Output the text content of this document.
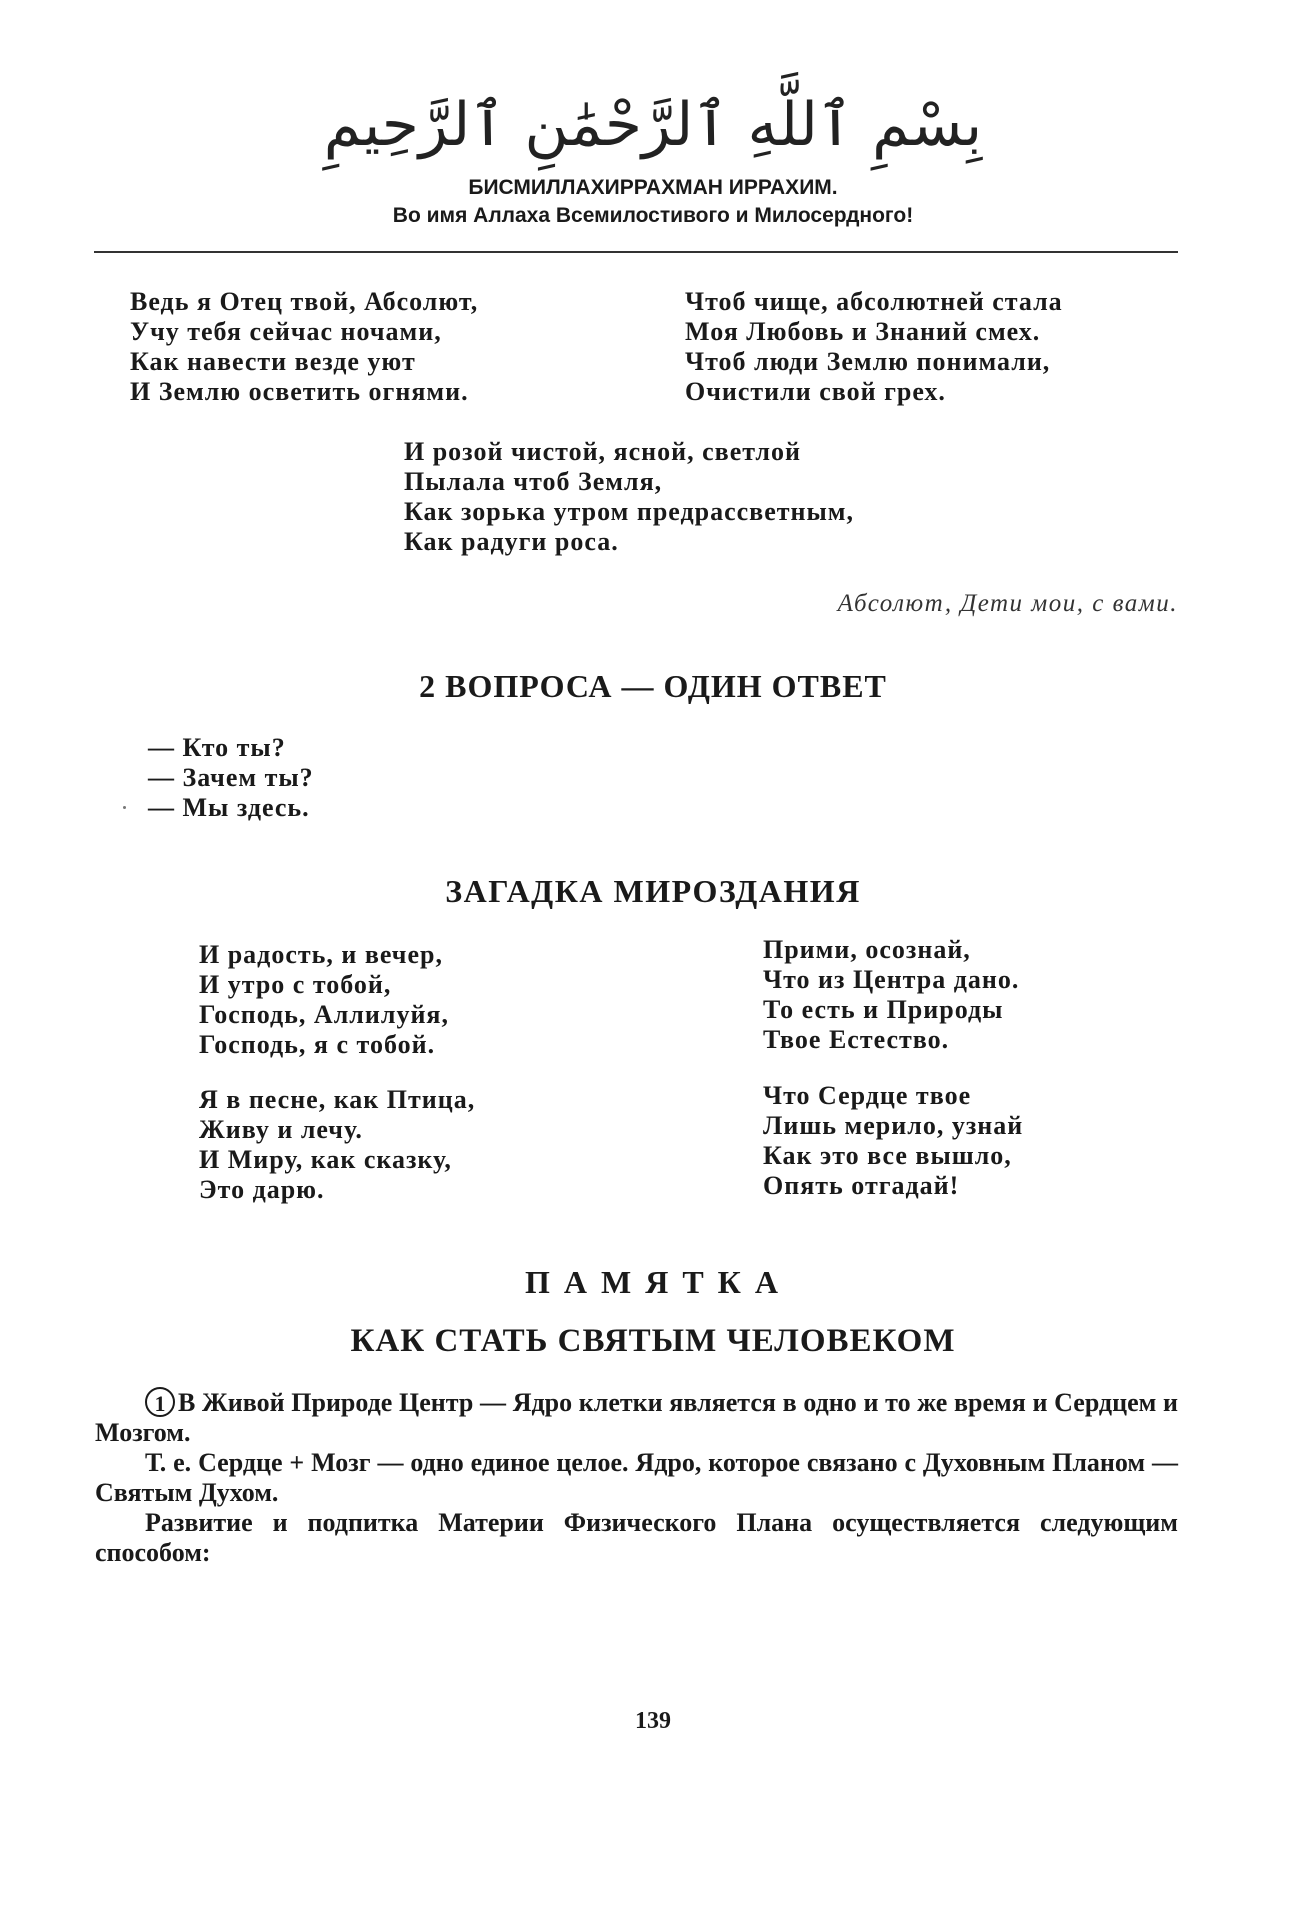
بِسْمِ ٱللَّهِ ٱلرَّحْمَٰنِ ٱلرَّحِيمِ
БИСМИЛЛАХИРРАХМАН ИРРАХИМ.
Во имя Аллаха Всемилостивого и Милосердного!
Ведь я Отец твой, Абсолют,
Учу тебя сейчас ночами,
Как навести везде уют
И Землю осветить огнями.
Чтоб чище, абсолютней стала
Моя Любовь и Знаний смех.
Чтоб люди Землю понимали,
Очистили свой грех.
И розой чистой, ясной, светлой
Пылала чтоб Земля,
Как зорька утром предрассветным,
Как радуги роса.
Абсолют, Дети мои, с вами.
2 ВОПРОСА — ОДИН ОТВЕТ
— Кто ты?
— Зачем ты?
— Мы здесь.
ЗАГАДКА МИРОЗДАНИЯ
И радость, и вечер,
И утро с тобой,
Господь, Аллилуйя,
Господь, я с тобой.
Прими, осознай,
Что из Центра дано.
То есть и Природы
Твое Естество.
Я в песне, как Птица,
Живу и лечу.
И Миру, как сказку,
Это дарю.
Что Сердце твое
Лишь мерило, узнай
Как это все вышло,
Опять отгадай!
П А М Я Т К А
КАК СТАТЬ СВЯТЫМ ЧЕЛОВЕКОМ
1 В Живой Природе Центр — Ядро клетки является в одно и то же время и Сердцем и Мозгом.
Т. е. Сердце + Мозг — одно единое целое. Ядро, которое связано с Духовным Планом — Святым Духом.
Развитие и подпитка Материи Физического Плана осуществляется следующим способом:
139
